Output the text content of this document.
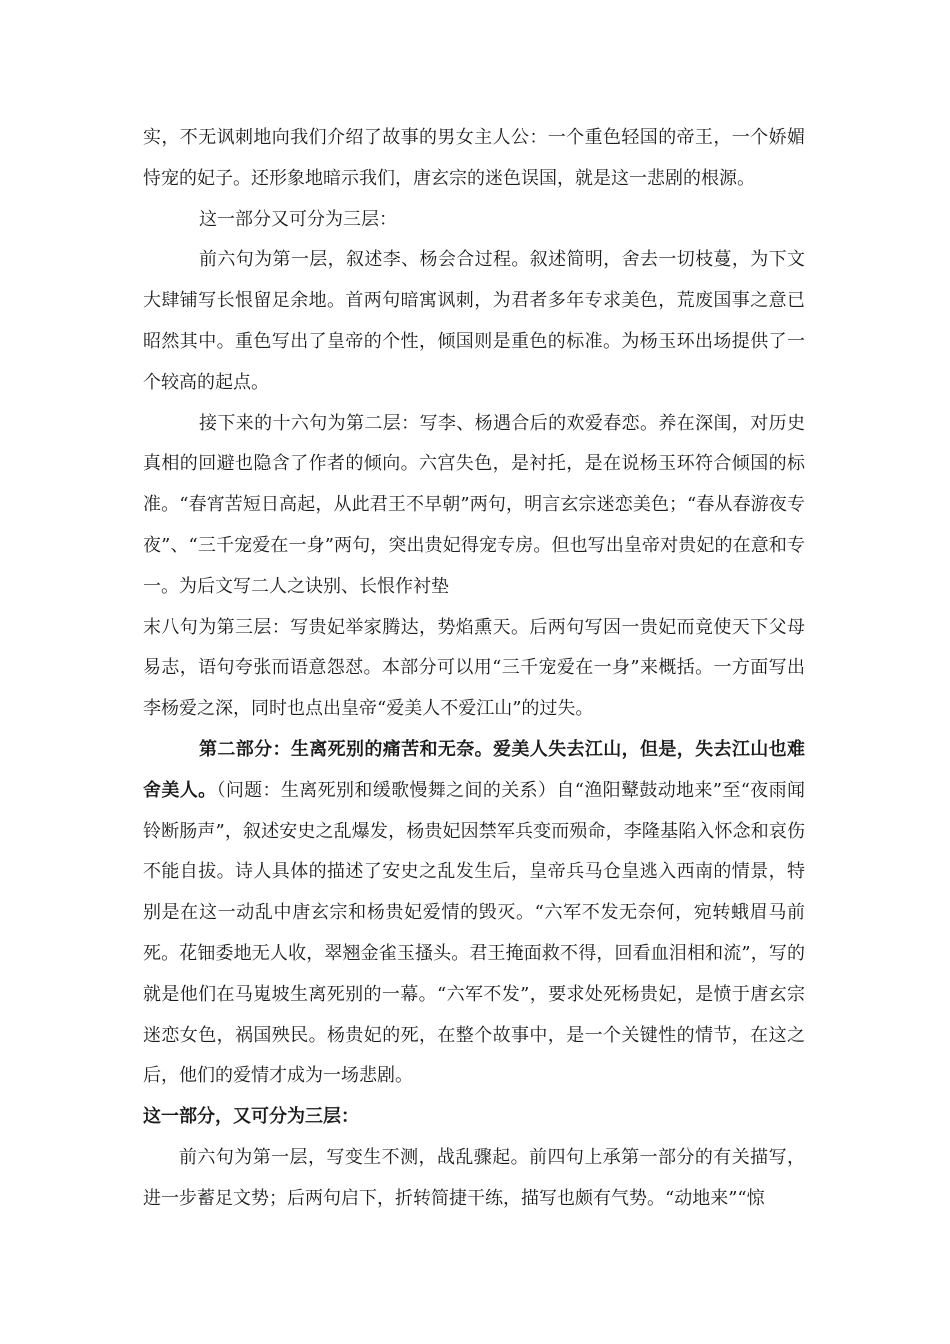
实，不无讽刺地向我们介绍了故事的男女主人公：一个重色轻国的帝王，一个娇媚恃宠的妃子。还形象地暗示我们，唐玄宗的迷色误国，就是这一悲剧的根源。

这一部分又可分为三层：

前六句为第一层，叙述李、杨会合过程。叙述简明，舍去一切枝蔓，为下文大肆铺写长恨留足余地。首两句暗寓讽刺，为君者多年专求美色，荒废国事之意已昭然其中。重色写出了皇帝的个性，倾国则是重色的标准。为杨玉环出场提供了一个较高的起点。

接下来的十六句为第二层：写李、杨遇合后的欢爱春恋。养在深闺，对历史真相的回避也隐含了作者的倾向。六宫失色，是衬托，是在说杨玉环符合倾国的标准。“春宵苦短日高起，从此君王不早朝”两句，明言玄宗迷恋美色；“春从春游夜专夜”、“三千宠爱在一身”两句，突出贵妃得宠专房。但也写出皇帝对贵妃的在意和专一。为后文写二人之诀别、长恨作衬垫

末八句为第三层：写贵妃举家腾达，势焰熏天。后两句写因一贵妃而竟使天下父母易志，语句夸张而语意怨怼。本部分可以用“三千宠爱在一身”来概括。一方面写出李杨爱之深，同时也点出皇帝“爱美人不爱江山”的过失。

第二部分：生离死别的痛苦和无奈。爱美人失去江山，但是，失去江山也难舍美人。（问题：生离死别和缓歌慢舞之间的关系）自“渔阳鼙鼓动地来”至“夜雨闻铃断肠声”，叙述安史之乱爆发，杨贵妃因禁军兵变而殒命，李隆基陷入怀念和哀伤不能自拔。诗人具体的描述了安史之乱发生后，皇帝兵马仓皇逃入西南的情景，特别是在这一动乱中唐玄宗和杨贵妃爱情的毁灭。“六军不发无奈何，宛转蛾眉马前死。花钿委地无人收，翠翘金雀玉搔头。君王掩面救不得，回看血泪相和流”，写的就是他们在马嵬坡生离死别的一幕。“六军不发”，要求处死杨贵妃，是愤于唐玄宗迷恋女色，祸国殃民。杨贵妃的死，在整个故事中，是一个关键性的情节，在这之后，他们的爱情才成为一场悲剧。

这一部分，又可分为三层：

前六句为第一层，写变生不测，战乱骤起。前四句上承第一部分的有关描写，进一步蓄足文势；后两句启下，折转简捷干练，描写也颇有气势。“动地来”“惊
